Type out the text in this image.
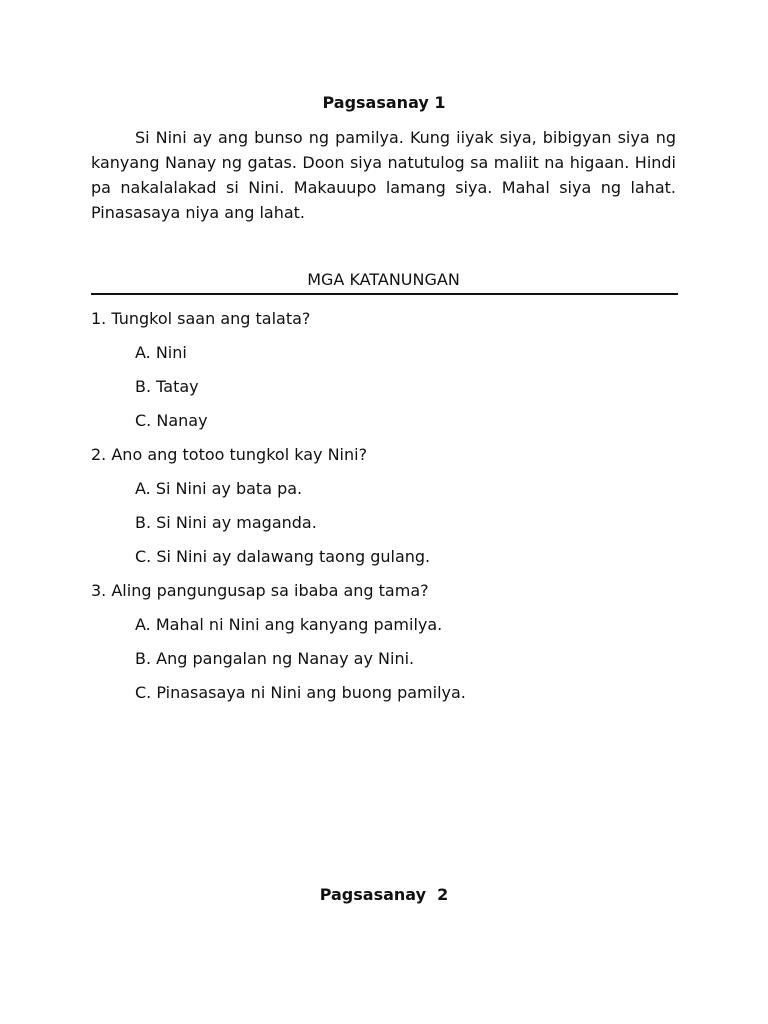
Pagsasanay 1

Si Nini ay ang bunso ng pamilya. Kung iiyak siya, bibigyan siya ng kanyang Nanay ng gatas. Doon siya natutulog sa maliit na higaan. Hindi pa nakalalakad si Nini. Makauupo lamang siya. Mahal siya ng lahat. Pinasasaya niya ang lahat.

MGA KATANUNGAN
1. Tungkol saan ang talata?
A. Nini
B. Tatay
C. Nanay
2. Ano ang totoo tungkol kay Nini?
A. Si Nini ay bata pa.
B. Si Nini ay maganda.
C. Si Nini ay dalawang taong gulang.
3. Aling pangungusap sa ibaba ang tama?
A. Mahal ni Nini ang kanyang pamilya.
B. Ang pangalan ng Nanay ay Nini.
C. Pinasasaya ni Nini ang buong pamilya.
Pagsasanay  2
